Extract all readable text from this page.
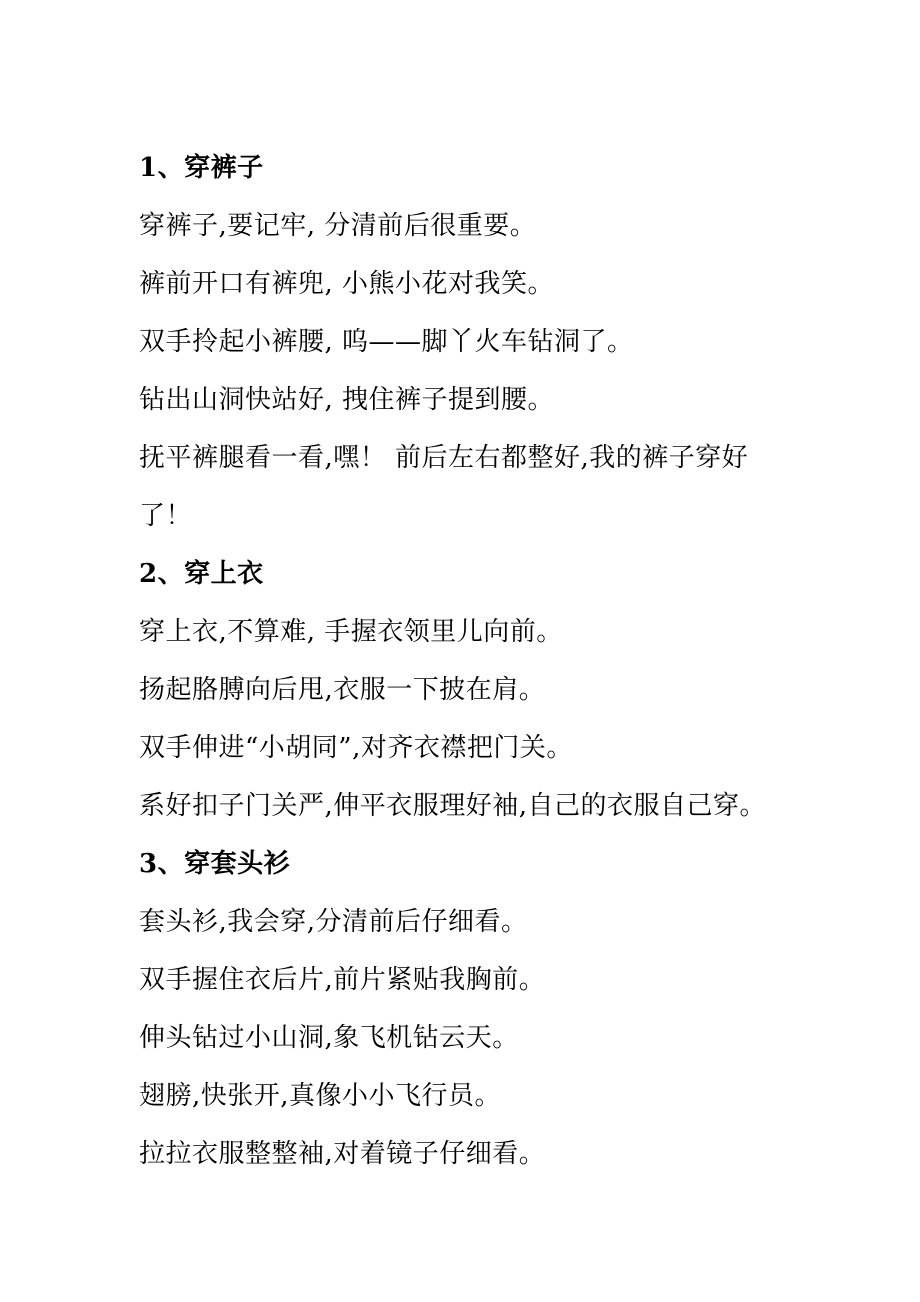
1、穿裤子
穿裤子,要记牢, 分清前后很重要。
裤前开口有裤兜, 小熊小花对我笑。
双手拎起小裤腰, 呜——脚丫火车钻洞了。
钻出山洞快站好, 拽住裤子提到腰。
抚平裤腿看一看,嘿！ 前后左右都整好,我的裤子穿好
了！
2、穿上衣
穿上衣,不算难, 手握衣领里儿向前。
扬起胳膊向后甩,衣服一下披在肩。
双手伸进“小胡同”,对齐衣襟把门关。
系好扣子门关严,伸平衣服理好袖,自己的衣服自己穿。
3、穿套头衫
套头衫,我会穿,分清前后仔细看。
双手握住衣后片,前片紧贴我胸前。
伸头钻过小山洞,象飞机钻云天。
翅膀,快张开,真像小小飞行员。
拉拉衣服整整袖,对着镜子仔细看。
